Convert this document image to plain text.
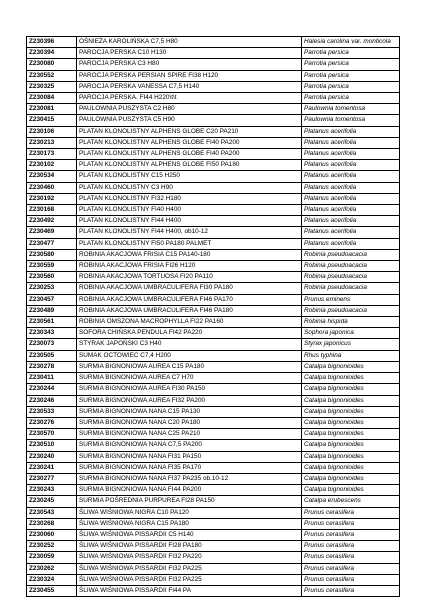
Z230396	OŚNIEŻA KAROLIŃSKA C7,5 H80	Halesia carolina var. monticola
Z230394	PAROCJA PERSKA C10 H130	Parrotia persica
Z230080	PAROCJA PERSKA C3 H80	Parrotia persica
Z230552	PAROCJA PERSKA PERSIAN SPIRE FI38 H120	Parrotia persica
Z230325	PAROCJA PERSKA VANESSA C7,5 H140	Parrotia persica
Z230084	PAROCJA PERSKA. FI44 H220\t\t	Parrotia persica
Z230081	PAULOWNIA PUSZYSTA C2 H80	Paulownia tomentosa
Z230415	PAULOWNIA PUSZYSTA C5 H90	Paulownia tomentosa
Z230106	PLATAN KLONOLISTNY ALPHENS GLOBE C20 PA210	Platanus acerifolia
Z230213	PLATAN KLONOLISTNY ALPHENS GLOBE FI40 PA200	Platanus acerifolia
Z230173	PLATAN KLONOLISTNY ALPHENS GLOBE FI40 PA200	Platanus acerifolia
Z230102	PLATAN KLONOLISTNY ALPHENS GLOBE FI50 PA180	Platanus acerifolia
Z230534	PLATAN KLONOLISTNY C15 H250	Platanus acerifolia
Z230460	PLATAN KLONOLISTNY C3 H90	Platanus acerifolia
Z230192	PLATAN KLONOLISTNY FI32 H180	Platanus acerifolia
Z230168	PLATAN KLONOLISTNY FI40 H400	Platanus acerifolia
Z230492	PLATAN KLONOLISTNY FI44 H400	Platanus acerifolia
Z230469	PLATAN KLONOLISTNY FI44 H400, ob10-12	Platanus acerifolia
Z230477	PLATAN KLONOLISTNY FI50 PA180 PALMET	Platanus acerifolia
Z230580	ROBINIA AKACJOWA FRISIA C15 PA140-180	Robinia pseudoacacia
Z230559	ROBINIA AKACJOWA FRISIA FI26 H120	Robinia pseudoacacia
Z230560	ROBINIA AKACJOWA TORTUOSA FI20 PA110	Robinia pseudoacacia
Z230253	ROBINIA AKACJOWA UMBRACULIFERA FI30 PA180	Robinia pseudoacacia
Z230457	ROBINIA AKACJOWA UMBRACULIFERA FI46 PA170	Prunus eminens
Z230489	ROBINIA AKACJOWA UMBRACULIFERA FI46 PA180	Robinia pseudoacacia
Z230561	ROBINIA OMSZONA MACROPHYLLA FI22 PA160	Robinia hispida
Z230343	SOFORA CHIŃSKA PENDULA FI42 PA220	Sophora japonica
Z230073	STYRAK JAPOŃSKI C3 H40	Styrax japonicus
Z230505	SUMAK OCTOWIEC C7,4 H200	Rhus typhina
Z230278	SURMIA BIGNONIOWA AUREA C15 PA180	Catalpa bignonioides
Z230411	SURMIA BIGNONIOWA AUREA C7 H70	Catalpa bignonioides
Z230244	SURMIA BIGNONIOWA AUREA FI30 PA150	Catalpa bignonioides
Z230246	SURMIA BIGNONIOWA AUREA FI32 PA200	Catalpa bignonioides
Z230533	SURMIA BIGNONIOWA NANA C15 PA130	Catalpa bignonioides
Z230276	SURMIA BIGNONIOWA NANA C20 PA180	Catalpa bignonioides
Z230570	SURMIA BIGNONIOWA NANA C25 PA210	Catalpa bignonioides
Z230510	SURMIA BIGNONIOWA NANA C7,5 PA200	Catalpa bignonioides
Z230240	SURMIA BIGNONIOWA NANA FI31 PA150	Catalpa bignonioides
Z230241	SURMIA BIGNONIOWA NANA FI35 PA170	Catalpa bignonioides
Z230277	SURMIA BIGNONIOWA NANA FI37 PA235 ob.10-12	Catalpa bignonioides
Z230243	SURMIA BIGNONIOWA NANA FI44 PA200	Catalpa bignonioides
Z230245	SURMIA POŚREDNIA PURPUREA FI28 PA150	Catalpa erubescens
Z230543	ŚLIWA WIŚNIOWA NIGRA C10 PA120	Prunus cerasifera
Z230268	ŚLIWA WIŚNIOWA NIGRA C15 PA180	Prunus cerasifera
Z230060	ŚLIWA WIŚNIOWA PISSARDII C5 H140	Prunus cerasifera
Z230252	ŚLIWA WIŚNIOWA PISSARDII FI28 PA180	Prunus cerasifera
Z230059	ŚLIWA WIŚNIOWA PISSARDII FI32 PA220	Prunus cerasifera
Z230262	ŚLIWA WIŚNIOWA PISSARDII FI32 PA225	Prunus cerasifera
Z230324	ŚLIWA WIŚNIOWA PISSARDII FI32 PA225	Prunus cerasifera
Z230455	ŚLIWA WIŚNIOWA PISSARDII FI44 PA	Prunus cerasifera
